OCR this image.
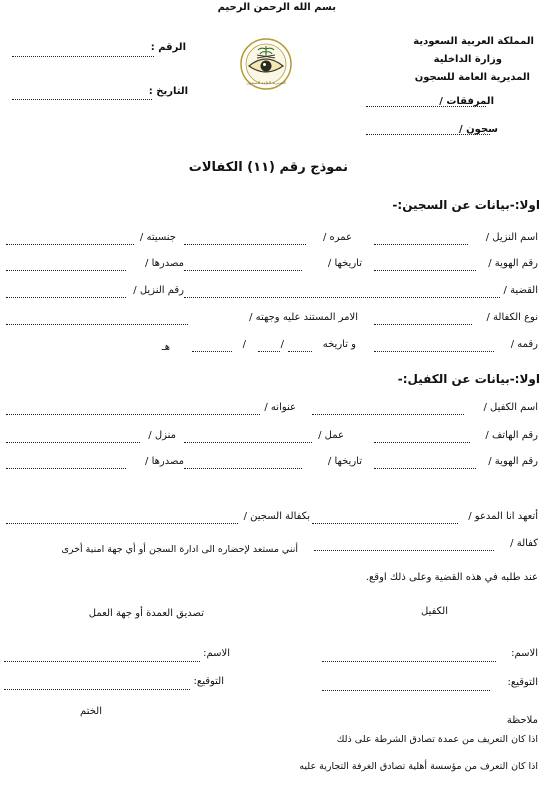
بسم الله الرحمن الرحيم
المملكة العربية السعودية
وزارة الداخلية
المديرية العامة للسجون
المرفقات /
سجون /
الرقم :
التاريخ :
المديرية العامة للسجون
نموذج رقم (١١) الكفالات
اولا:-بيانات عن السجين:-
اسم النزيل /
عمره /
جنسيته /
رقم الهوية /
تاريخها /
مصدرها /
القضية /
رقم النزيل /
نوع الكفالة /
الامر المستند عليه وجهته /
رقمه /
و تاريخه
/
/
هـ
اولا:-بيانات عن الكفيل:-
اسم الكفيل /
عنوانه /
رقم الهاتف /
عمل /
منزل /
رقم الهوية /
تاريخها /
مصدرها /
أتعهد انا المدعو /
بكفالة السجين /
كفالة /
أنني مستعد لإحضاره الى ادارة السجن أو أي جهة امنية أخرى
عند طلبه في هذه القضية وعلى ذلك اوقع.
الكفيل
تصديق العمدة أو جهة العمل
الاسم:
الاسم:
التوقيع:
التوقيع:
الختم
ملاحظة
اذا كان التعريف من عمدة تصادق الشرطة على ذلك
اذا كان التعرف من مؤسسة أهلية تصادق الغرفة التجارية عليه
